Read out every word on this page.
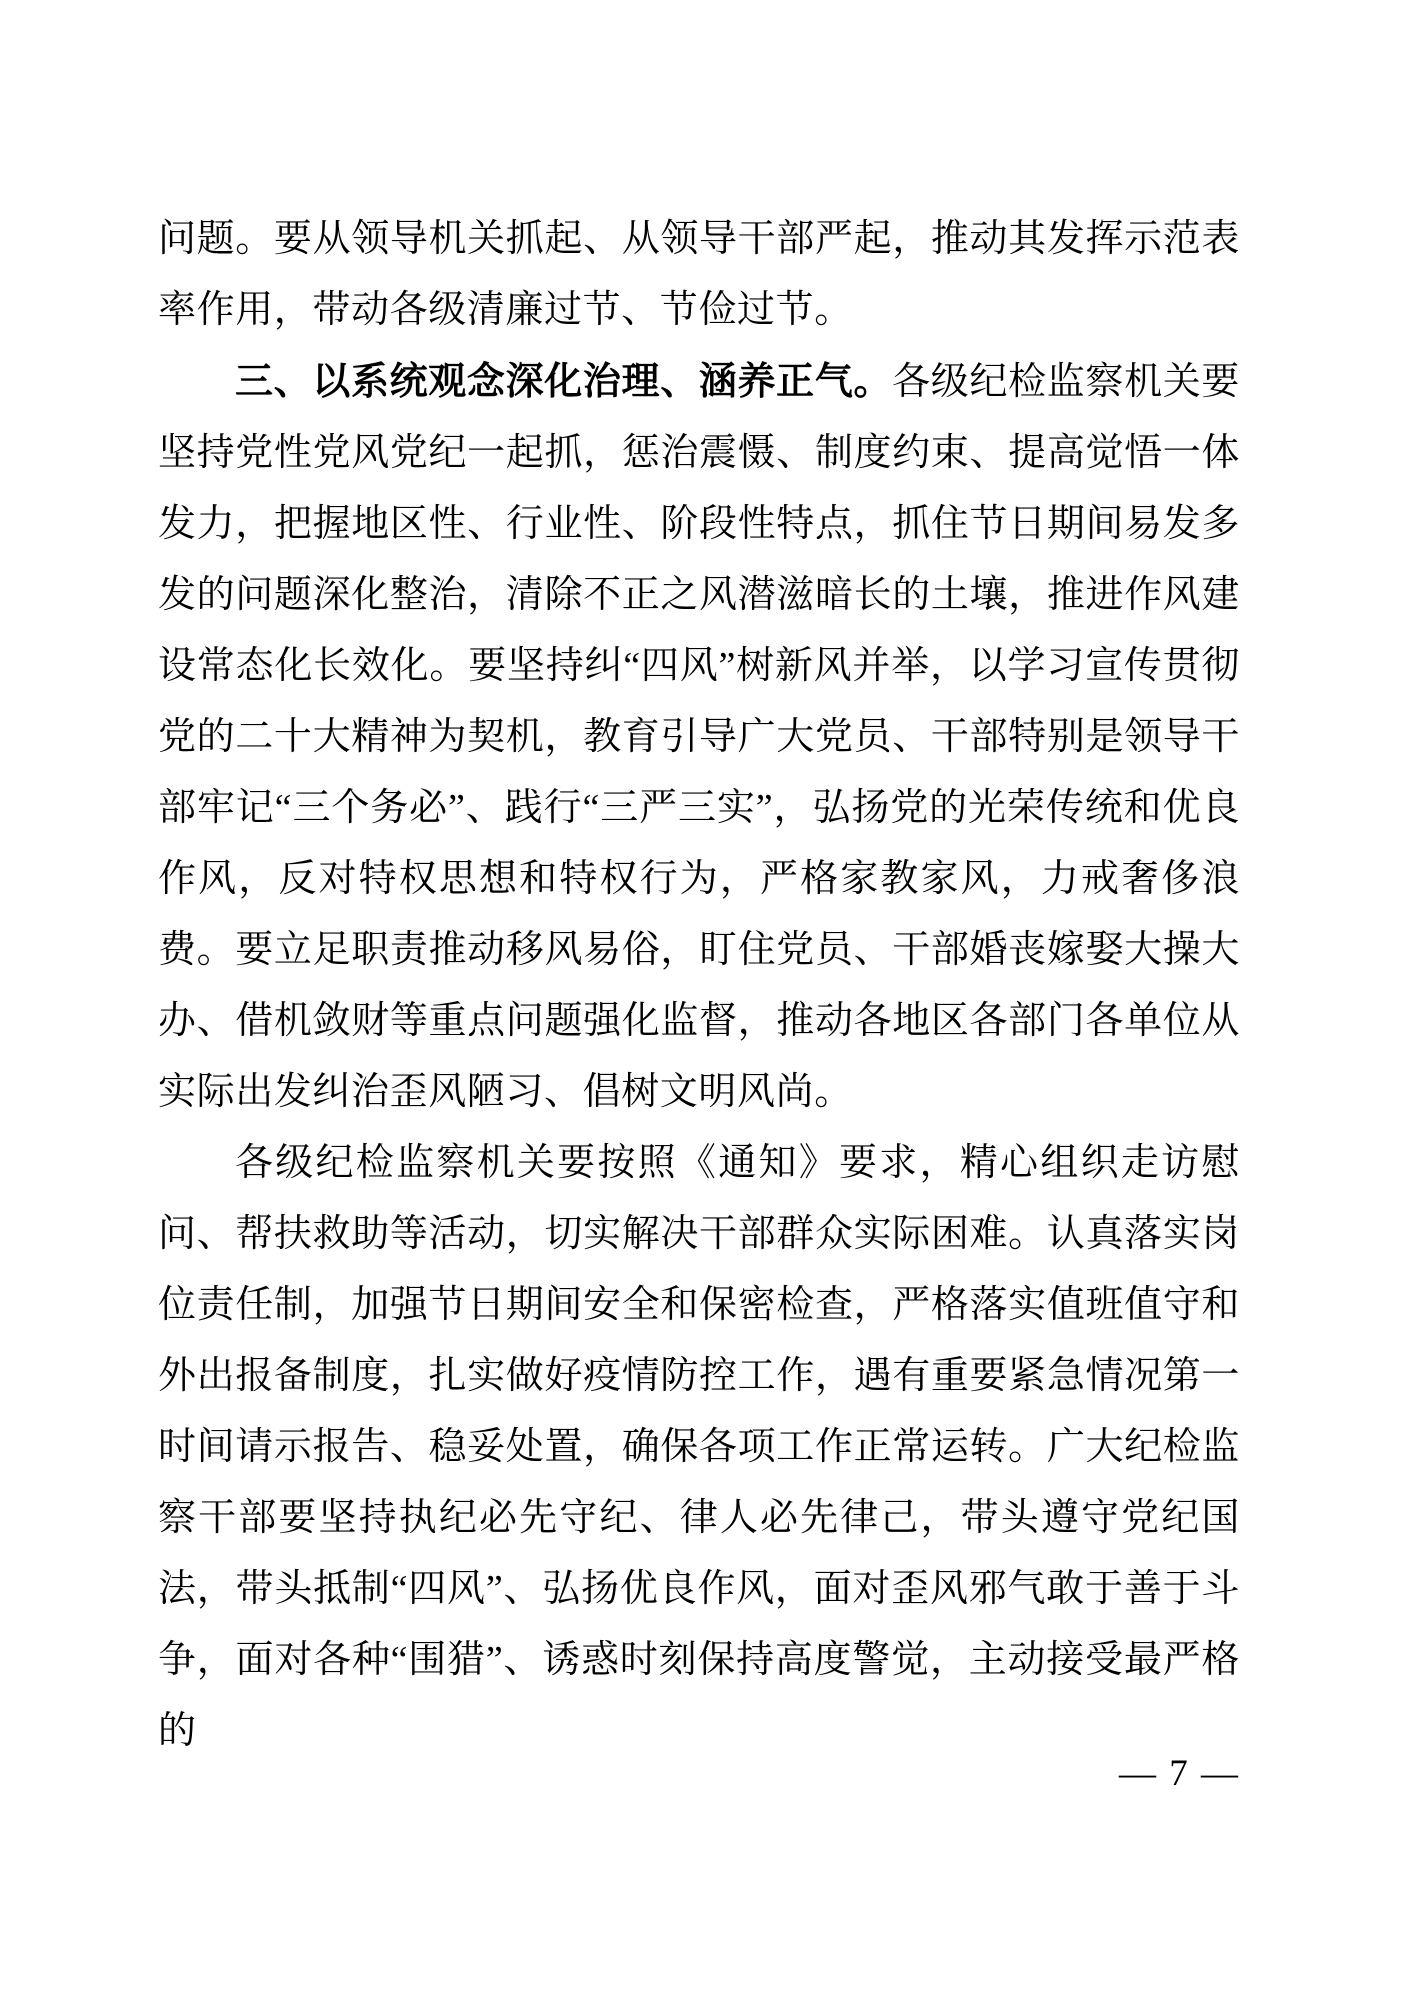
问题。要从领导机关抓起、从领导干部严起，推动其发挥示范表率作用，带动各级清廉过节、节俭过节。

三、以系统观念深化治理、涵养正气。各级纪检监察机关要坚持党性党风党纪一起抓，惩治震慑、制度约束、提高觉悟一体发力，把握地区性、行业性、阶段性特点，抓住节日期间易发多发的问题深化整治，清除不正之风潜滋暗长的土壤，推进作风建设常态化长效化。要坚持纠“四风”树新风并举，以学习宣传贯彻党的二十大精神为契机，教育引导广大党员、干部特别是领导干部牢记“三个务必”、践行“三严三实”，弘扬党的光荣传统和优良作风，反对特权思想和特权行为，严格家教家风，力戒奢侈浪费。要立足职责推动移风易俗，盯住党员、干部婚丧嫁娶大操大办、借机敛财等重点问题强化监督，推动各地区各部门各单位从实际出发纠治歪风陋习、倡树文明风尚。

各级纪检监察机关要按照《通知》要求，精心组织走访慰问、帮扶救助等活动，切实解决干部群众实际困难。认真落实岗位责任制，加强节日期间安全和保密检查，严格落实值班值守和外出报备制度，扎实做好疫情防控工作，遇有重要紧急情况第一时间请示报告、稳妥处置，确保各项工作正常运转。广大纪检监察干部要坚持执纪必先守纪、律人必先律己，带头遵守党纪国法，带头抵制“四风”、弘扬优良作风，面对歪风邪气敢于善于斗争，面对各种“围猎”、诱惑时刻保持高度警觉，主动接受最严格的

— 7 —
